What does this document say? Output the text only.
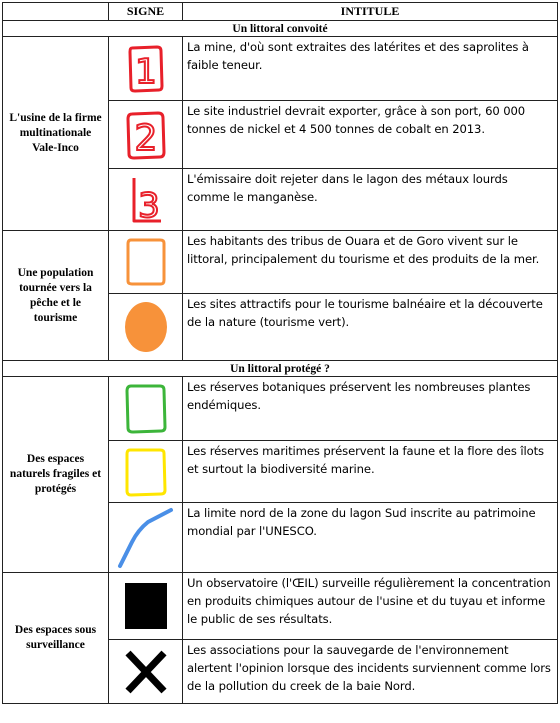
	SIGNE	INTITULE
Un littoral convoité		
L'usine de la firme multinationale Vale-Inco	1	La mine, d'où sont extraites des latérites et des saprolites à faible teneur.

2	Le site industriel devrait exporter, grâce à son port, 60 000 tonnes de nickel et 4 500 tonnes de cobalt en 2013.

3	L'émissaire doit rejeter dans le lagon des métaux lourds comme le manganèse.
Une population tournée vers la pêche et le tourisme		Les habitants des tribus de Ouara et de Goro vivent sur le littoral, principalement du tourisme et des produits de la mer.

	Les sites attractifs pour le tourisme balnéaire et la découverte de la nature (tourisme vert).
Un littoral protégé ?		
Des espaces naturels fragiles et protégés		Les réserves botaniques préservent les nombreuses plantes endémiques.

	Les réserves maritimes préservent la faune et la flore des îlots et surtout la biodiversité marine.

	La limite nord de la zone du lagon Sud inscrite au patrimoine mondial par l'UNESCO.
Des espaces sous surveillance		Un observatoire (l'ŒIL) surveille régulièrement la concentration en produits chimiques autour de l'usine et du tuyau et informe le public de ses résultats.

	Les associations pour la sauvegarde de l'environnement alertent l'opinion lorsque des incidents surviennent comme lors de la pollution du creek de la baie Nord.
